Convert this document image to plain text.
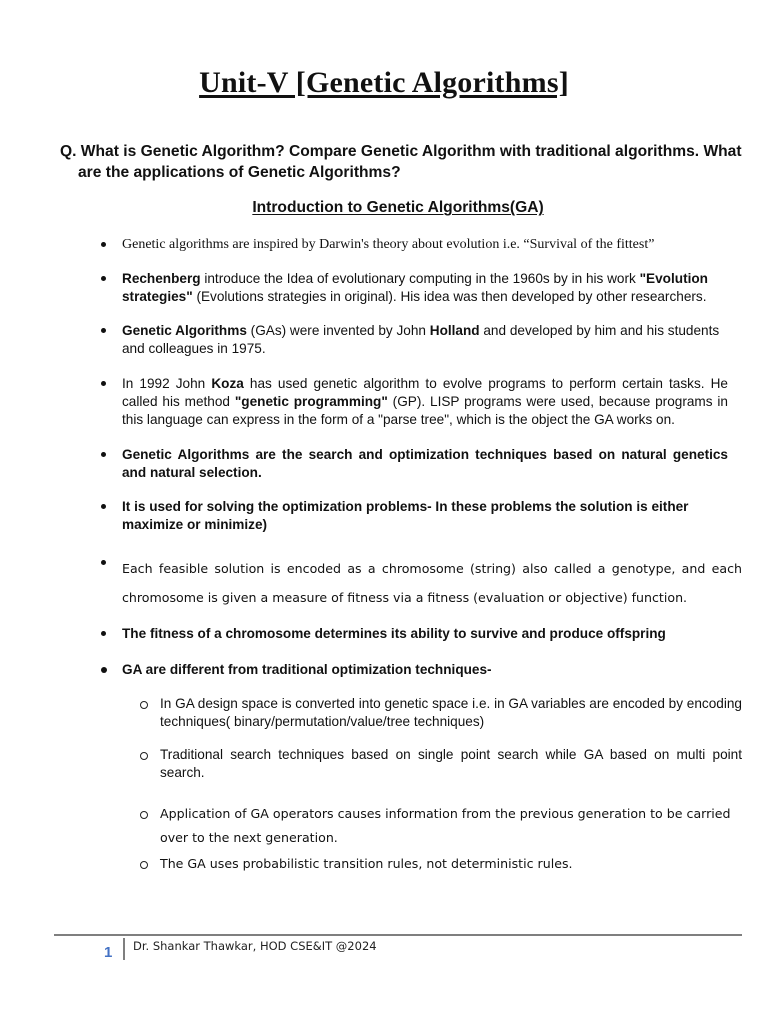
Unit-V [Genetic Algorithms]
Q. What is Genetic Algorithm? Compare Genetic Algorithm with traditional algorithms. What are the applications of Genetic Algorithms?
Introduction to Genetic Algorithms(GA)
Genetic algorithms are inspired by Darwin's theory about evolution i.e. “Survival of the fittest”
Rechenberg introduce the Idea of evolutionary computing in the 1960s by in his work "Evolution strategies" (Evolutions strategies in original). His idea was then developed by other researchers.
Genetic Algorithms (GAs) were invented by John Holland and developed by him and his students and colleagues in 1975.
In 1992 John Koza has used genetic algorithm to evolve programs to perform certain tasks. He called his method "genetic programming" (GP). LISP programs were used, because programs in this language can express in the form of a "parse tree", which is the object the GA works on.
Genetic Algorithms are the search and optimization techniques based on natural genetics and natural selection.
It is used for solving the optimization problems- In these problems the solution is either maximize or minimize)
Each feasible solution is encoded as a chromosome (string) also called a genotype, and each chromosome is given a measure of fitness via a fitness (evaluation or objective) function.
The fitness of a chromosome determines its ability to survive and produce offspring
GA are different from traditional optimization techniques-
In GA design space is converted into genetic space i.e. in GA variables are encoded by encoding techniques( binary/permutation/value/tree techniques)
Traditional search techniques based on single point search while GA based on multi point search.
Application of GA operators causes information from the previous generation to be carried over to the next generation.
The GA uses probabilistic transition rules, not deterministic rules.
1 Dr. Shankar Thawkar, HOD CSE&IT @2024
